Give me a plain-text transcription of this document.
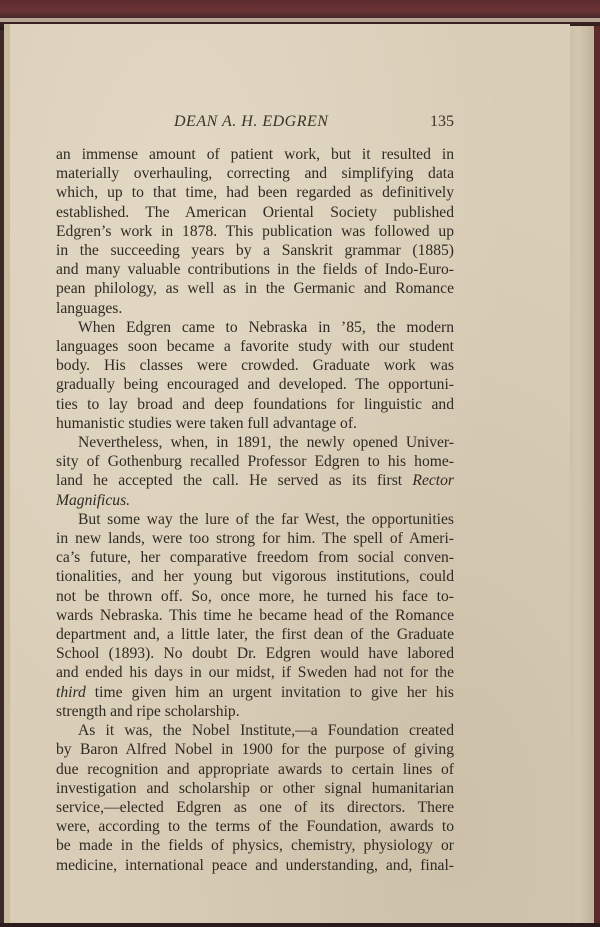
DEAN A. H. EDGREN	135
an immense amount of patient work, but it resulted in
materially overhauling, correcting and simplifying data
which, up to that time, had been regarded as definitively
established. The American Oriental Society published
Edgren’s work in 1878. This publication was followed up
in the succeeding years by a Sanskrit grammar (1885)
and many valuable contributions in the fields of Indo-Euro-
pean philology, as well as in the Germanic and Romance
languages.
When Edgren came to Nebraska in ’85, the modern
languages soon became a favorite study with our student
body. His classes were crowded. Graduate work was
gradually being encouraged and developed. The opportuni-
ties to lay broad and deep foundations for linguistic and
humanistic studies were taken full advantage of.
Nevertheless, when, in 1891, the newly opened Univer-
sity of Gothenburg recalled Professor Edgren to his home-
land he accepted the call. He served as its first Rector
Magnificus.
But some way the lure of the far West, the opportunities
in new lands, were too strong for him. The spell of Ameri-
ca’s future, her comparative freedom from social conven-
tionalities, and her young but vigorous institutions, could
not be thrown off. So, once more, he turned his face to-
wards Nebraska. This time he became head of the Romance
department and, a little later, the first dean of the Graduate
School (1893). No doubt Dr. Edgren would have labored
and ended his days in our midst, if Sweden had not for the
third time given him an urgent invitation to give her his
strength and ripe scholarship.
As it was, the Nobel Institute,—a Foundation created
by Baron Alfred Nobel in 1900 for the purpose of giving
due recognition and appropriate awards to certain lines of
investigation and scholarship or other signal humanitarian
service,—elected Edgren as one of its directors. There
were, according to the terms of the Foundation, awards to
be made in the fields of physics, chemistry, physiology or
medicine, international peace and understanding, and, final-
